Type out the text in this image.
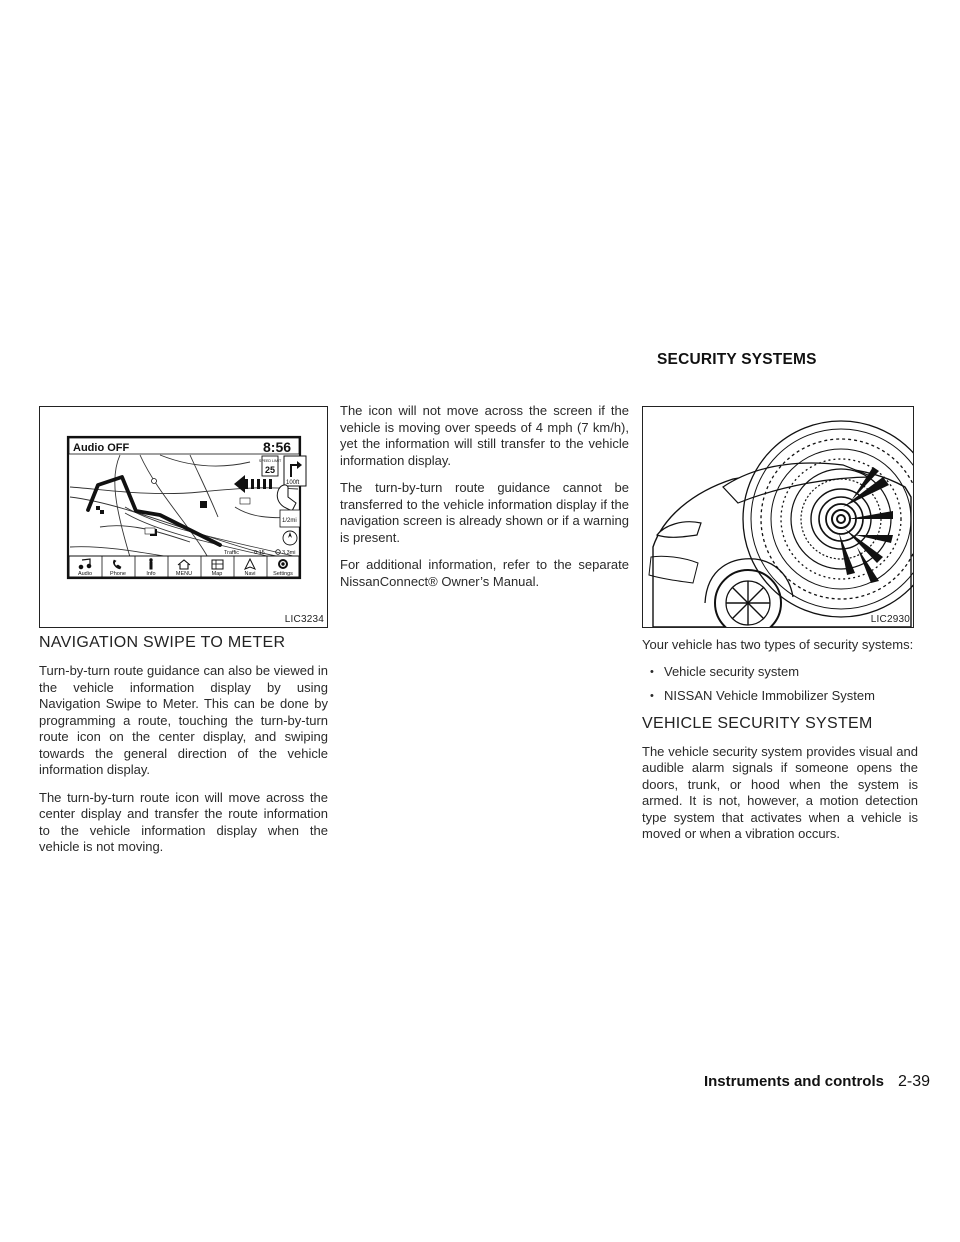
SECURITY SYSTEMS
Audio OFF	8:56
SPEED LIMIT
25
100ft
1/2mi
Traffic	0:15	3.3mi
Audio	Phone	Info	MENU	Map	Navi	Settings
LIC3234	LIC2930
NAVIGATION SWIPE TO METER

Turn-by-turn route guidance can also be viewed in the vehicle information display by using Navigation Swipe to Meter. This can be done by programming a route, touching the turn-by-turn route icon on the center display, and swiping towards the general direction of the vehicle information display.

The turn-by-turn route icon will move across the center display and transfer the route information to the vehicle information display when the vehicle is not moving.

The icon will not move across the screen if the vehicle is moving over speeds of 4 mph (7 km/h), yet the information will still transfer to the vehicle information display.

The turn-by-turn route guidance cannot be transferred to the vehicle information display if the navigation screen is already shown or if a warning is present.

For additional information, refer to the separate NissanConnect® Owner’s Manual.

Your vehicle has two types of security systems:

• Vehicle security system
• NISSAN Vehicle Immobilizer System
VEHICLE SECURITY SYSTEM

The vehicle security system provides visual and audible alarm signals if someone opens the doors, trunk, or hood when the system is armed. It is not, however, a motion detection type system that activates when a vehicle is moved or when a vibration occurs.

Instruments and controls 2-39
